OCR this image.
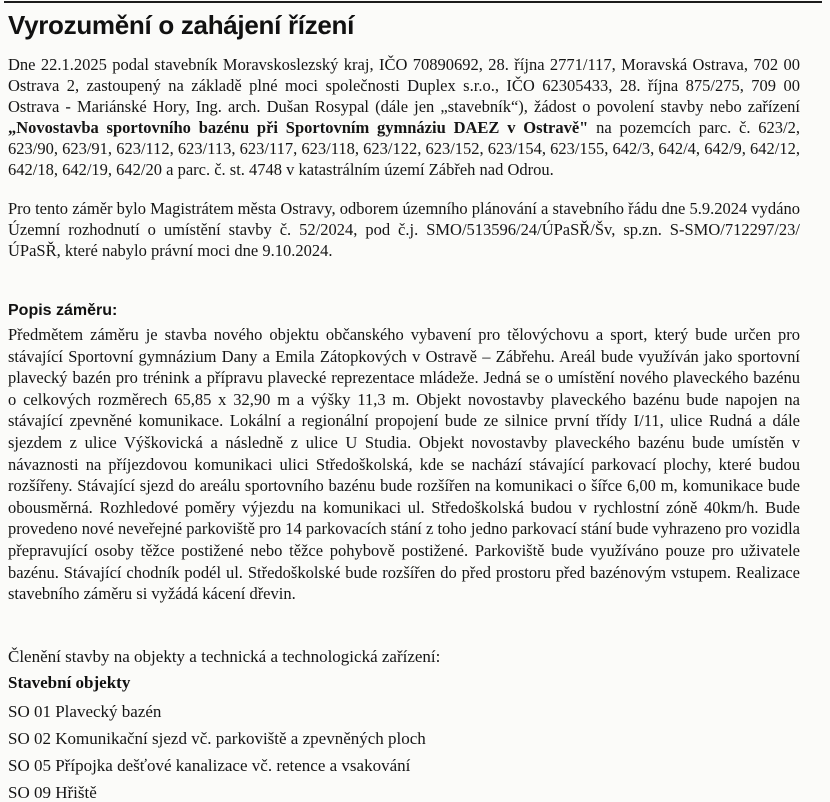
Vyrozumění o zahájení řízení

Dne 22.1.2025 podal stavebník Moravskoslezský kraj, IČO 70890692, 28. října 2771/117, Moravská Ostrava, 702 00 Ostrava 2, zastoupený na základě plné moci společnosti Duplex s.r.o., IČO 62305433, 28. října 875/275, 709 00 Ostrava - Mariánské Hory, Ing. arch. Dušan Rosypal (dále jen „stavebník“), žádost o povolení stavby nebo zařízení „Novostavba sportovního bazénu při Sportovním gymnáziu DAEZ v Ostravě" na pozemcích parc. č. 623/2, 623/90, 623/91, 623/112, 623/113, 623/117, 623/118, 623/122, 623/152, 623/154, 623/155, 642/3, 642/4, 642/9, 642/12, 642/18, 642/19, 642/20 a parc. č. st. 4748 v katastrálním území Zábřeh nad Odrou.

Pro tento záměr bylo Magistrátem města Ostravy, odborem územního plánování a stavebního řádu dne 5.9.2024 vydáno Územní rozhodnutí o umístění stavby č. 52/2024, pod č.j. SMO/513596/24/ÚPaSŘ/Šv, sp.zn. S-SMO/712297/23/ÚPaSŘ, které nabylo právní moci dne 9.10.2024.

Popis záměru:

Předmětem záměru je stavba nového objektu občanského vybavení pro tělovýchovu a sport, který bude určen pro stávající Sportovní gymnázium Dany a Emila Zátopkových v Ostravě – Zábřehu. Areál bude využíván jako sportovní plavecký bazén pro trénink a přípravu plavecké reprezentace mládeže. Jedná se o umístění nového plaveckého bazénu o celkových rozměrech 65,85 x 32,90 m a výšky 11,3 m. Objekt novostavby plaveckého bazénu bude napojen na stávající zpevněné komunikace. Lokální a regionální propojení bude ze silnice první třídy I/11, ulice Rudná a dále sjezdem z ulice Výškovická a následně z ulice U Studia. Objekt novostavby plaveckého bazénu bude umístěn v návaznosti na příjezdovou komunikaci ulici Středoškolská, kde se nachází stávající parkovací plochy, které budou rozšířeny. Stávající sjezd do areálu sportovního bazénu bude rozšířen na komunikaci o šířce 6,00 m, komunikace bude obousměrná. Rozhledové poměry výjezdu na komunikaci ul. Středoškolská budou v rychlostní zóně 40km/h. Bude provedeno nové neveřejné parkoviště pro 14 parkovacích stání z toho jedno parkovací stání bude vyhrazeno pro vozidla přepravující osoby těžce postižené nebo těžce pohybově postižené. Parkoviště bude využíváno pouze pro uživatele bazénu. Stávající chodník podél ul. Středoškolské bude rozšířen do před prostoru před bazénovým vstupem. Realizace stavebního záměru si vyžádá kácení dřevin.

Členění stavby na objekty a technická a technologická zařízení:
Stavební objekty
SO 01 Plavecký bazén
SO 02 Komunikační sjezd vč. parkoviště a zpevněných ploch
SO 05 Přípojka dešťové kanalizace vč. retence a vsakování
SO 09 Hřiště
